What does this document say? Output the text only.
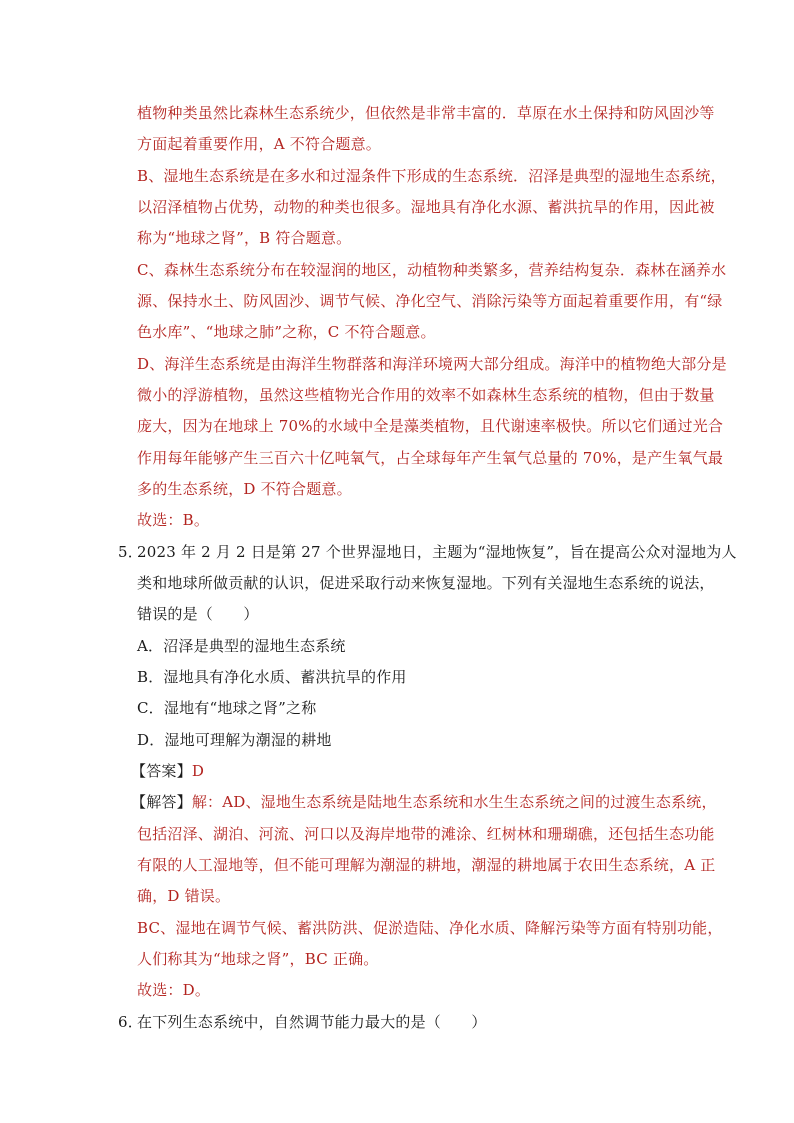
植物种类虽然比森林生态系统少，但依然是非常丰富的．草原在水土保持和防风固沙等
方面起着重要作用，A 不符合题意。
B、湿地生态系统是在多水和过湿条件下形成的生态系统．沼泽是典型的湿地生态系统，
以沼泽植物占优势，动物的种类也很多。湿地具有净化水源、蓄洪抗旱的作用，因此被
称为“地球之肾”，B 符合题意。
C、森林生态系统分布在较湿润的地区，动植物种类繁多，营养结构复杂．森林在涵养水
源、保持水土、防风固沙、调节气候、净化空气、消除污染等方面起着重要作用，有“绿
色水库”、“地球之肺”之称，C 不符合题意。
D、海洋生态系统是由海洋生物群落和海洋环境两大部分组成。海洋中的植物绝大部分是
微小的浮游植物，虽然这些植物光合作用的效率不如森林生态系统的植物，但由于数量
庞大，因为在地球上 70%的水域中全是藻类植物，且代谢速率极快。所以它们通过光合
作用每年能够产生三百六十亿吨氧气，占全球每年产生氧气总量的 70%，是产生氧气最
多的生态系统，D 不符合题意。
故选：B。
5．
2023 年 2 月 2 日是第 27 个世界湿地日，主题为“湿地恢复”，旨在提高公众对湿地为人
类和地球所做贡献的认识，促进采取行动来恢复湿地。下列有关湿地生态系统的说法，
错误的是（　　）
A．沼泽是典型的湿地生态系统
B．湿地具有净化水质、蓄洪抗旱的作用
C．湿地有“地球之肾”之称
D．湿地可理解为潮湿的耕地
【答案】D
【解答】解：AD、湿地生态系统是陆地生态系统和水生生态系统之间的过渡生态系统，
包括沼泽、湖泊、河流、河口以及海岸地带的滩涂、红树林和珊瑚礁，还包括生态功能
有限的人工湿地等，但不能可理解为潮湿的耕地，潮湿的耕地属于农田生态系统，A 正
确，D 错误。
BC、湿地在调节气候、蓄洪防洪、促淤造陆、净化水质、降解污染等方面有特别功能，
人们称其为“地球之肾”，BC 正确。
故选：D。
6．
在下列生态系统中，自然调节能力最大的是（　　）
